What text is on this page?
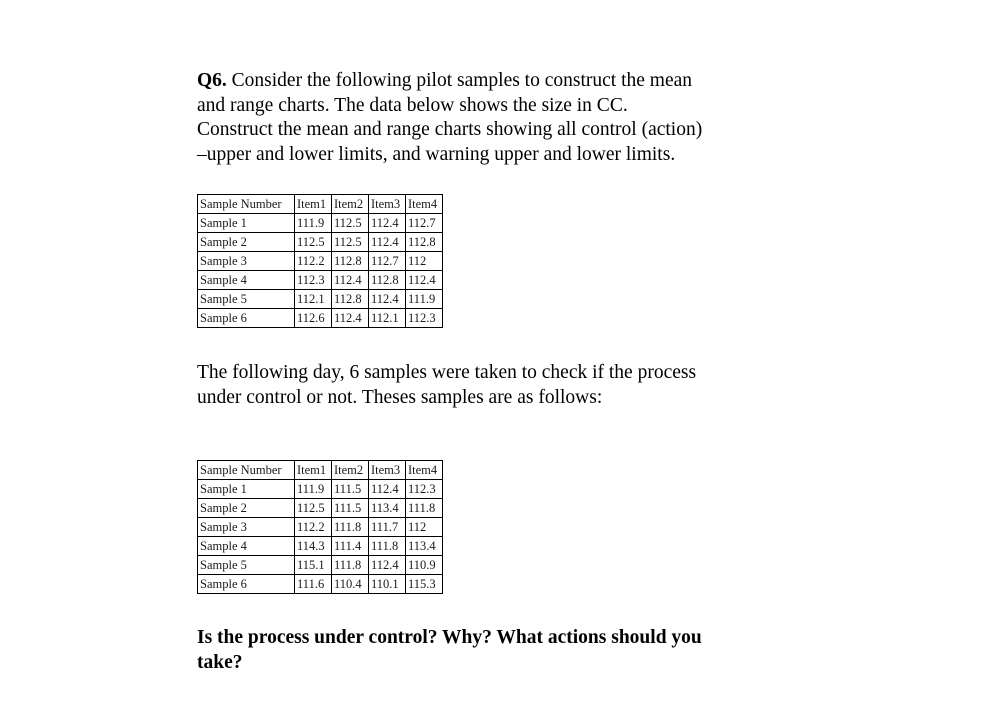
Q6. Consider the following pilot samples to construct the mean
and range charts. The data below shows the size in CC.
Construct the mean and range charts showing all control (action)
–upper and lower limits, and warning upper and lower limits.

Sample Number	Item1	Item2	Item3	Item4
Sample 1	111.9	112.5	112.4	112.7
Sample 2	112.5	112.5	112.4	112.8
Sample 3	112.2	112.8	112.7	112
Sample 4	112.3	112.4	112.8	112.4
Sample 5	112.1	112.8	112.4	111.9
Sample 6	112.6	112.4	112.1	112.3

The following day, 6 samples were taken to check if the process
under control or not. Theses samples are as follows:

Sample Number	Item1	Item2	Item3	Item4
Sample 1	111.9	111.5	112.4	112.3
Sample 2	112.5	111.5	113.4	111.8
Sample 3	112.2	111.8	111.7	112
Sample 4	114.3	111.4	111.8	113.4
Sample 5	115.1	111.8	112.4	110.9
Sample 6	111.6	110.4	110.1	115.3

Is the process under control? Why? What actions should you
take?
